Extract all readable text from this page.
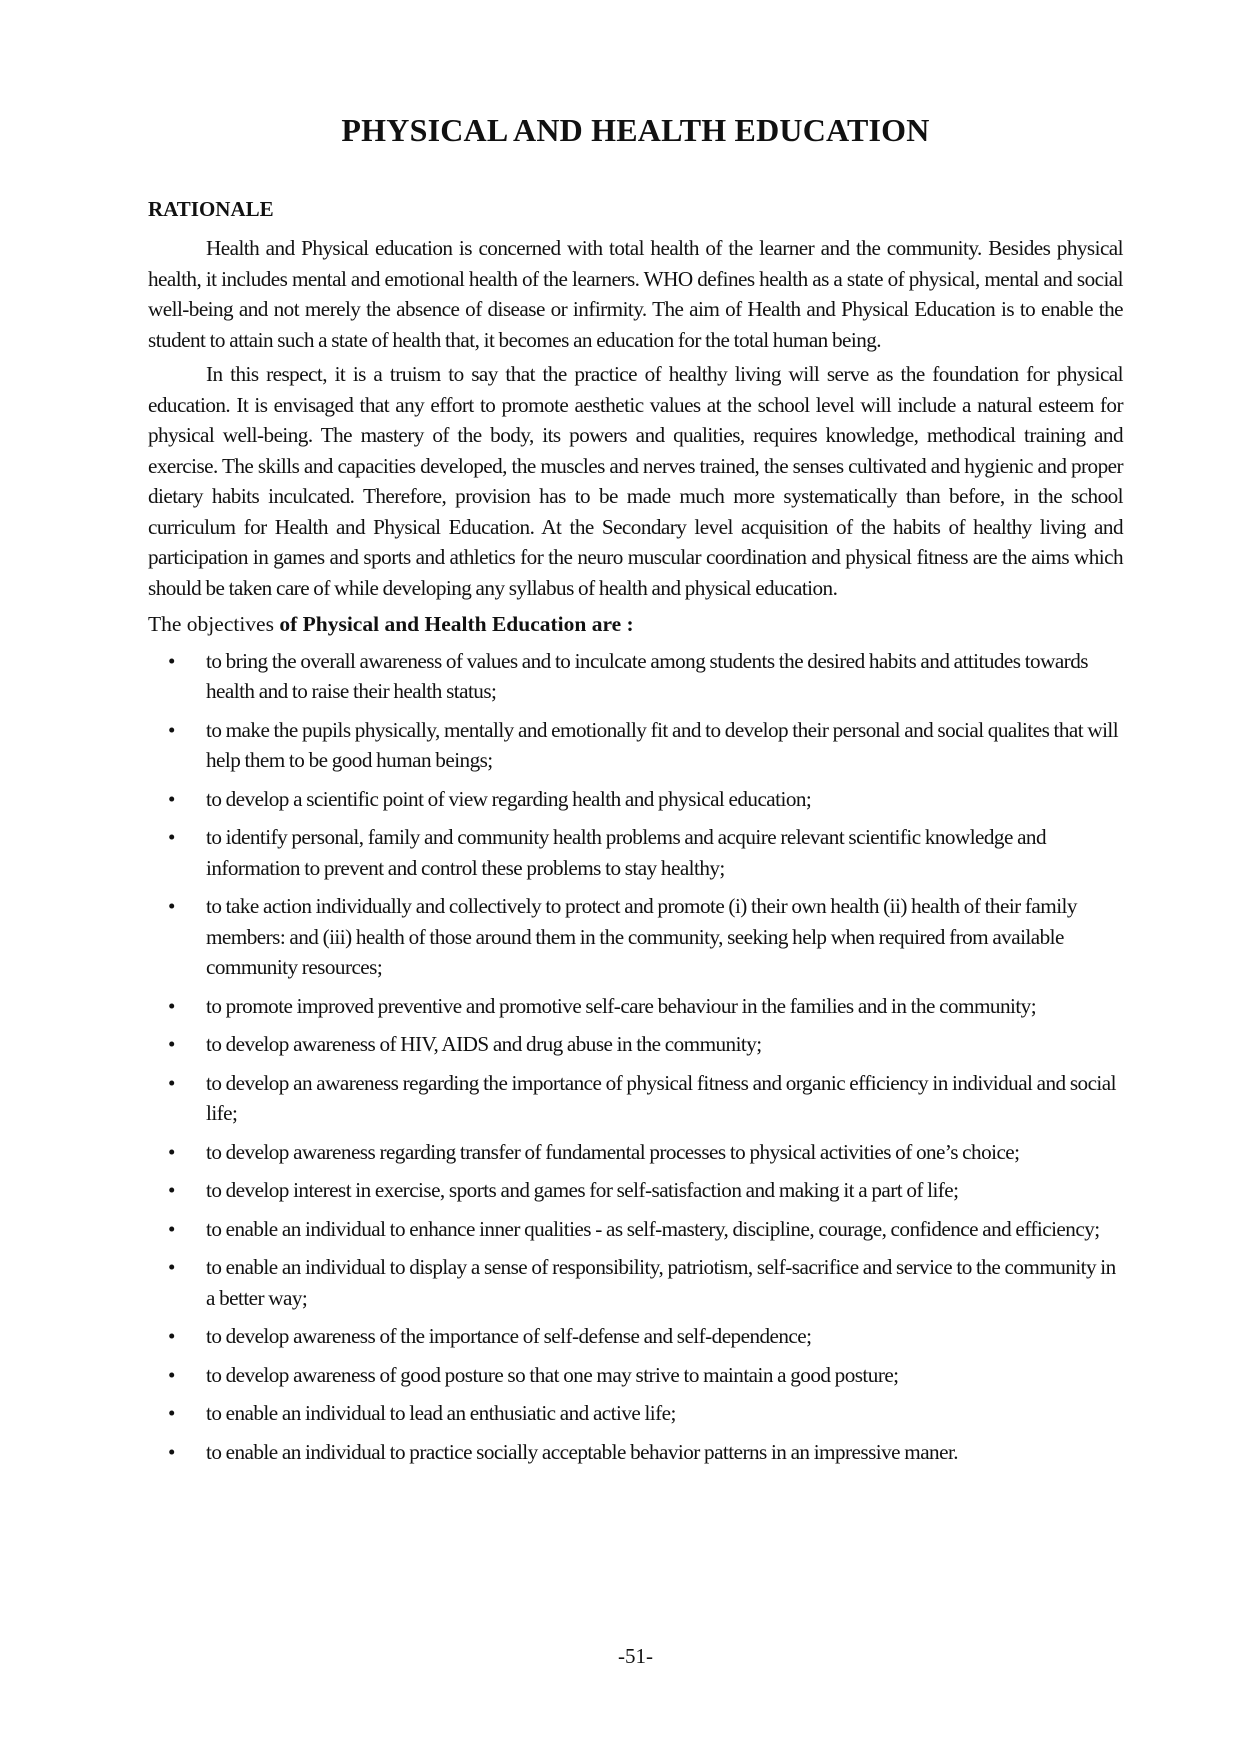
PHYSICAL AND HEALTH EDUCATION
RATIONALE

Health and Physical education is concerned with total health of the learner and the community. Besides physical health, it includes mental and emotional health of the learners. WHO defines health as a state of physical, mental and social well-being and not merely the absence of disease or infirmity. The aim of Health and Physical Education is to enable the student to attain such a state of health that, it becomes an education for the total human being.

In this respect, it is a truism to say that the practice of healthy living will serve as the foundation for physical education. It is envisaged that any effort to promote aesthetic values at the school level will include a natural esteem for physical well-being. The mastery of the body, its powers and qualities, requires knowledge, methodical training and exercise. The skills and capacities developed, the muscles and nerves trained, the senses cultivated and hygienic and proper dietary habits inculcated. Therefore, provision has to be made much more systematically than before, in the school curriculum for Health and Physical Education. At the Secondary level acquisition of the habits of healthy living and participation in games and sports and athletics for the neuro muscular coordination and physical fitness are the aims which should be taken care of while developing any syllabus of health and physical education.

The objectives of Physical and Health Education are :
• to bring the overall awareness of values and to inculcate among students the desired habits and attitudes towards health and to raise their health status;
• to make the pupils physically, mentally and emotionally fit and to develop their personal and social qualites that will help them to be good human beings;
• to develop a scientific point of view regarding health and physical education;
• to identify personal, family and community health problems and acquire relevant scientific knowledge and information to prevent and control these problems to stay healthy;
• to take action individually and collectively to protect and promote (i) their own health (ii) health of their family members: and (iii) health of those around them in the community, seeking help when required from available community resources;
• to promote improved preventive and promotive self-care behaviour in the families and in the community;
• to develop awareness of HIV, AIDS and drug abuse in the community;
• to develop an awareness regarding the importance of physical fitness and organic efficiency in individual and social life;
• to develop awareness regarding transfer of fundamental processes to physical activities of one’s choice;
• to develop interest in exercise, sports and games for self-satisfaction and making it a part of life;
• to enable an individual to enhance inner qualities - as self-mastery, discipline, courage, confidence and efficiency;
• to enable an individual to display a sense of responsibility, patriotism, self-sacrifice and service to the community in a better way;
• to develop awareness of the importance of self-defense and self-dependence;
• to develop awareness of good posture so that one may strive to maintain a good posture;
• to enable an individual to lead an enthusiatic and active life;
• to enable an individual to practice socially acceptable behavior patterns in an impressive maner.
-51-
